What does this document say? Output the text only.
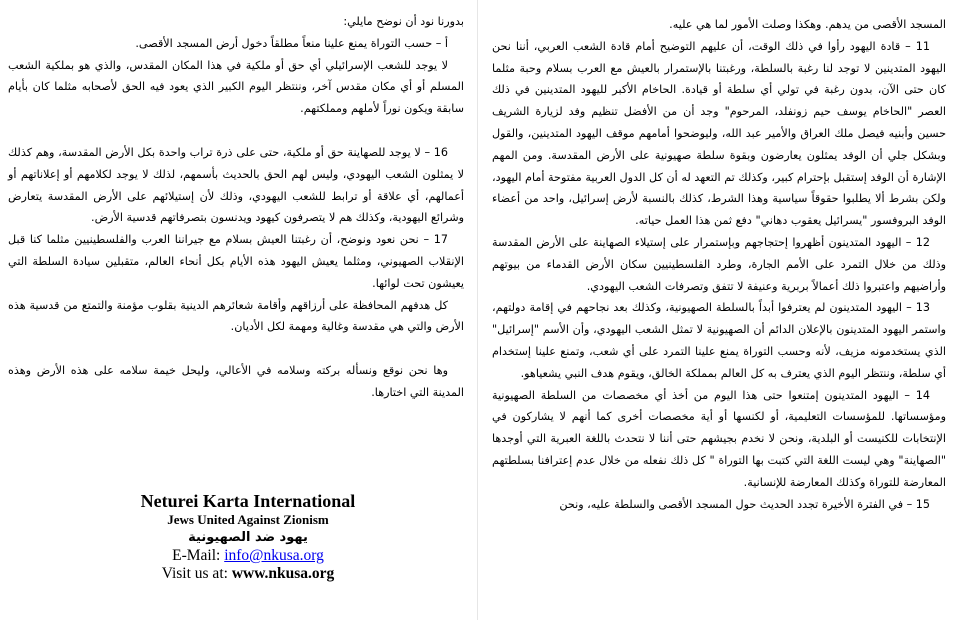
المسجد الأقصى من يدهم. وهكذا وصلت الأمور لما هي عليه.

11 – قادة اليهود رأوا في ذلك الوقت، أن عليهم التوضيح أمام قادة الشعب العربي، أننا نحن اليهود المتدينين لا توجد لنا رغبة بالسلطة، ورغبتنا بالإستمرار بالعيش مع العرب بسلام وحبة مثلما كان حتى الآن، بدون رغبة في تولي أي سلطة أو قيادة. الحاخام الأكبر لليهود المتدينين في ذلك العصر "الحاخام يوسف حيم زونفلد، المرحوم" وجد أن من الأفضل تنظيم وفد لزيارة الشريف حسين وأبنيه فيصل ملك العراق والأمير عبد الله، وليوضحوا أمامهم موقف اليهود المتدينين، والقول وبشكل جلي أن الوفد يمثلون يعارضون وبقوة سلطة صهيونية على الأرض المقدسة. ومن المهم الإشارة أن الوفد إستقبل بإحترام كبير، وكذلك تم التعهد له أن كل الدول العربية مفتوحة أمام اليهود، ولكن بشرط ألا يطلبوا حقوقاً سياسية وهذا الشرط، كذلك بالنسبة لأرض إسرائيل، واحد من أعضاء الوفد البروفسور "يسرائيل يعقوب دهاني" دفع ثمن هذا العمل حياته.

12 – اليهود المتدينون أظهروا إحتجاجهم وبإستمرار على إستيلاء الصهاينة على الأرض المقدسة وذلك من خلال التمرد على الأمم الجارة، وطرد الفلسطينيين سكان الأرض القدماء من بيوتهم وأراضيهم واعتبروا ذلك أعمالاً بربرية وعنيفة لا تتفق وتصرفات الشعب اليهودي.

13 – اليهود المتدينون لم يعترفوا أبداً بالسلطة الصهيونية، وكذلك بعد نجاحهم في إقامة دولتهم، واستمر اليهود المتدينون بالإعلان الدائم أن الصهيونية لا تمثل الشعب اليهودي، وأن الأسم "إسرائيل" الذي يستخدمونه مزيف، لأنه وحسب التوراة يمنع علينا التمرد على أي شعب، وتمنع علينا إستخدام أي سلطة، وننتظر اليوم الذي يعترف به كل العالم بمملكة الخالق، ويقوم هدف النبي يشعياهو.

14 – اليهود المتدينون إمتنعوا حتى هذا اليوم من أخذ أي مخصصات من السلطة الصهيونية ومؤسساتها. للمؤسسات التعليمية، أو لكنسها أو أية مخصصات أخرى كما أنهم لا يشاركون في الإنتخابات للكنيست أو البلدية، ونحن لا نخدم بجيشهم حتى أننا لا نتحدث باللغة العبرية التي أوجدها "الصهاينة" وهي ليست اللغة التي كتبت بها التوراة " كل ذلك نفعله من خلال عدم إعترافنا بسلطتهم المعارضة للتوراة وكذلك المعارضة للإنسانية.

15 – في الفترة الأخيرة تجدد الحديث حول المسجد الأقصى والسلطة عليه، ونحن

بدورنا نود أن نوضح مايلي:

أ – حسب التوراة يمنع علينا منعاً مطلقاً دخول أرض المسجد الأقصى.

لا يوجد للشعب الإسرائيلي أي حق أو ملكية في هذا المكان المقدس، والذي هو بملكية الشعب المسلم أو أي مكان مقدس آخر، وننتظر اليوم الكبير الذي يعود فيه الحق لأصحابه مثلما كان بأيام سابقة ويكون نوراً لأملهم ومملكتهم.

16 – لا يوجد للصهاينة حق أو ملكية، حتى على ذرة تراب واحدة بكل الأرض المقدسة، وهم كذلك لا يمثلون الشعب اليهودي، وليس لهم الحق بالحديث بأسمهم، لذلك لا يوجد لكلامهم أو إعلاناتهم أو أعمالهم، أي علاقة أو ترابط للشعب اليهودي، وذلك لأن إستيلائهم على الأرض المقدسة يتعارض وشرائع اليهودية، وكذلك هم لا يتصرفون كيهود ويدنسون بتصرفاتهم قدسية الأرض.

17 – نحن نعود ونوضح، أن رغبتنا العيش بسلام مع جيراننا العرب والفلسطينيين مثلما كنا قبل الإنقلاب الصهيوني، ومثلما يعيش اليهود هذه الأيام بكل أنحاء العالم، متقبلين سيادة السلطة التي يعيشون تحت لوائها.

كل هدفهم المحافظة على أرزاقهم وأقامة شعائرهم الدينية بقلوب مؤمنة والتمتع من قدسية هذه الأرض والتي هي مقدسة وغالية ومهمة لكل الأديان.

وها نحن نوقع ونسأله بركته وسلامه في الأعالي، وليحل خيمة سلامه على هذه الأرض وهذه المدينة التي اختارها.

Neturei Karta International
Jews United Against Zionism
يهود ضد الصهيونية
E-Mail: info@nkusa.org
Visit us at: www.nkusa.org
